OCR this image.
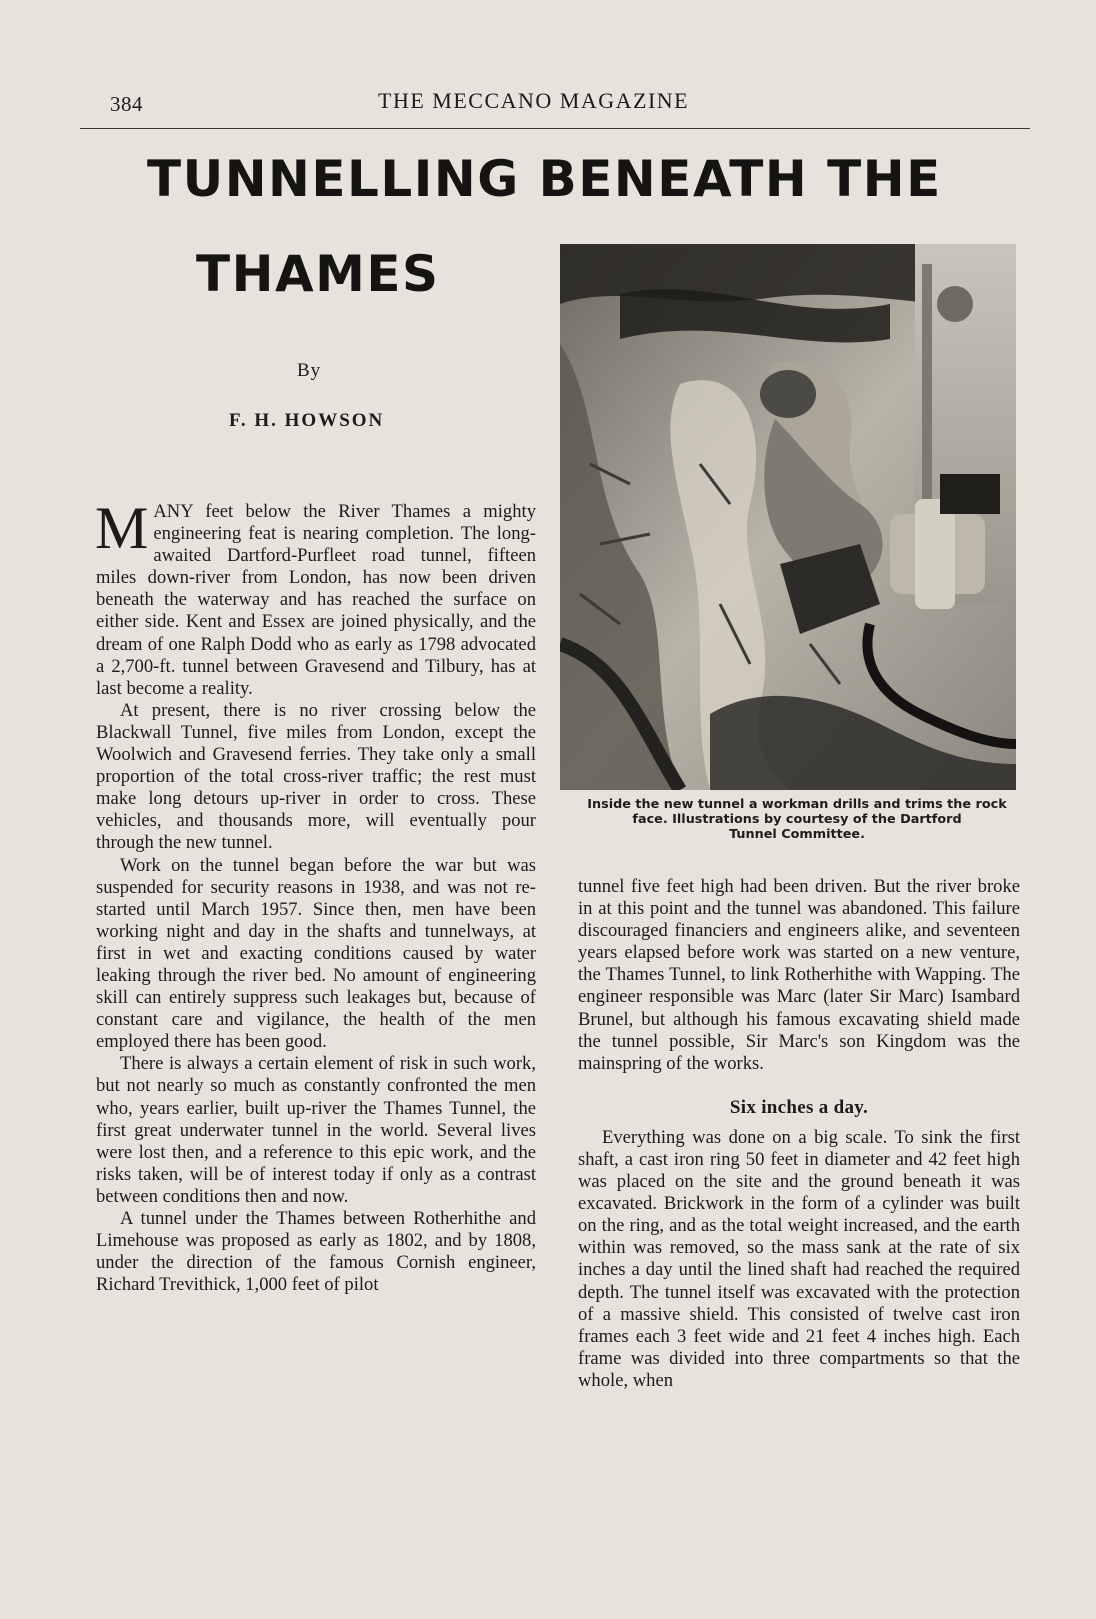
384	THE MECCANO MAGAZINE
TUNNELLING BENEATH THE
THAMES
By
F. H. HOWSON

MANY feet below the River Thames a mighty engineering feat is nearing completion. The long-awaited Dartford-Purfleet road tunnel, fifteen miles down-river from London, has now been driven beneath the waterway and has reached the surface on either side. Kent and Essex are joined physically, and the dream of one Ralph Dodd who as early as 1798 advocated a 2,700-ft. tunnel between Gravesend and Tilbury, has at last become a reality.

At present, there is no river crossing below the Blackwall Tunnel, five miles from London, except the Woolwich and Gravesend ferries. They take only a small proportion of the total cross-river traffic; the rest must make long detours up-river in order to cross. These vehicles, and thousands more, will eventually pour through the new tunnel.

Work on the tunnel began before the war but was suspended for security reasons in 1938, and was not re-started until March 1957. Since then, men have been working night and day in the shafts and tunnelways, at first in wet and exacting conditions caused by water leaking through the river bed. No amount of engineering skill can entirely suppress such leakages but, because of constant care and vigilance, the health of the men employed there has been good.

There is always a certain element of risk in such work, but not nearly so much as constantly confronted the men who, years earlier, built up-river the Thames Tunnel, the first great underwater tunnel in the world. Several lives were lost then, and a reference to this epic work, and the risks taken, will be of interest today if only as a contrast between conditions then and now.

A tunnel under the Thames between Rotherhithe and Limehouse was proposed as early as 1802, and by 1808, under the direction of the famous Cornish engineer, Richard Trevithick, 1,000 feet of pilot

Inside the new tunnel a workman drills and trims the rock face. Illustrations by courtesy of the Dartford
Tunnel Committee.

tunnel five feet high had been driven. But the river broke in at this point and the tunnel was abandoned. This failure discouraged financiers and engineers alike, and seventeen years elapsed before work was started on a new venture, the Thames Tunnel, to link Rotherhithe with Wapping. The engineer responsible was Marc (later Sir Marc) Isambard Brunel, but although his famous excavating shield made the tunnel possible, Sir Marc's son Kingdom was the mainspring of the works.

Six inches a day.

Everything was done on a big scale. To sink the first shaft, a cast iron ring 50 feet in diameter and 42 feet high was placed on the site and the ground beneath it was excavated. Brickwork in the form of a cylinder was built on the ring, and as the total weight increased, and the earth within was removed, so the mass sank at the rate of six inches a day until the lined shaft had reached the required depth. The tunnel itself was excavated with the protection of a massive shield. This consisted of twelve cast iron frames each 3 feet wide and 21 feet 4 inches high. Each frame was divided into three compartments so that the whole, when
